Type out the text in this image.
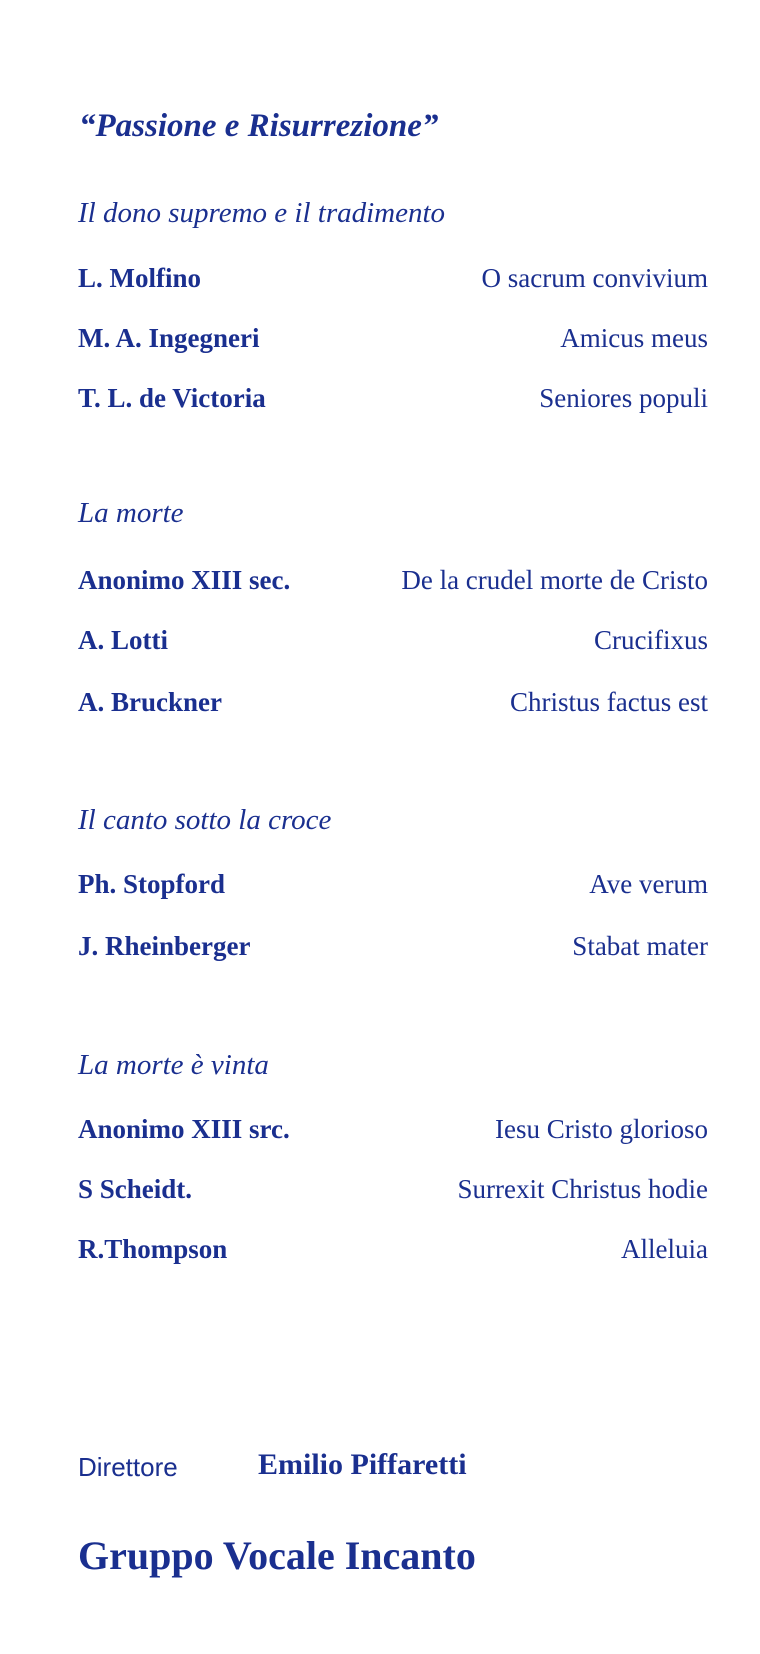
“Passione e Risurrezione”
Il dono supremo e il tradimento
L. Molfino	O sacrum convivium
M. A. Ingegneri	Amicus meus
T. L. de Victoria	Seniores populi
La morte
Anonimo XIII sec.	De la crudel morte de Cristo
A. Lotti	Crucifixus
A. Bruckner	Christus factus est
Il canto sotto la croce
Ph. Stopford	Ave verum
J. Rheinberger	Stabat mater
La morte è vinta
Anonimo XIII src.	Iesu Cristo glorioso
S Scheidt.	Surrexit Christus hodie
R.Thompson	Alleluia
Direttore	Emilio Piffaretti
Gruppo Vocale Incanto
